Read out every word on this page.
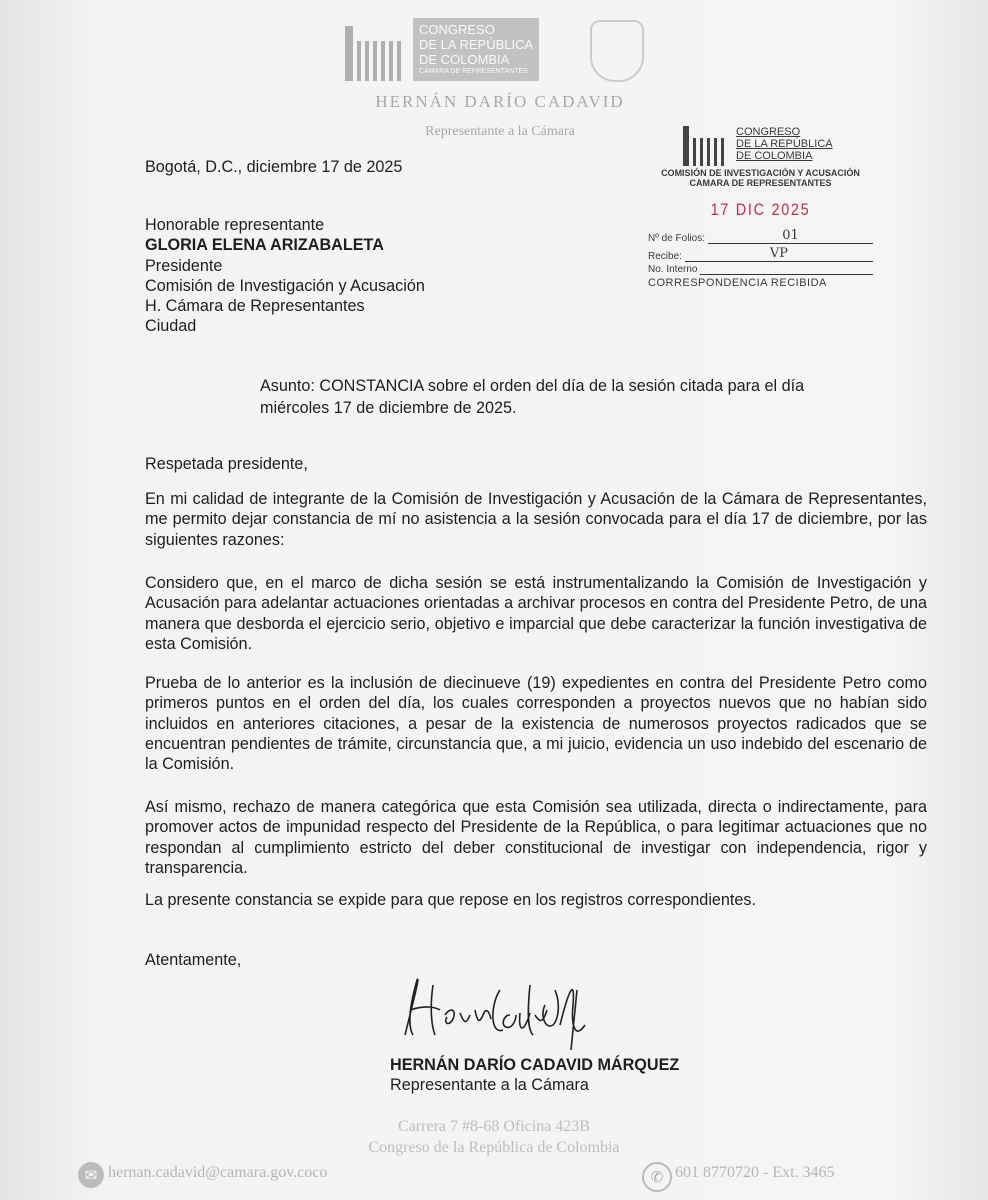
CONGRESO
DE LA REPÚBLICA
DE COLOMBIA
CÁMARA DE REPRESENTANTES
HERNÁN DARÍO CADAVID
Representante a la Cámara	CONGRESO
DE LA REPÚBLICA
DE COLOMBIA
COMISIÓN DE INVESTIGACIÓN Y ACUSACIÓN
CAMARA DE REPRESENTANTES
17 DIC 2025
Nº de Folios:	01
Recibe:	VP
No. Interno
CORRESPONDENCIA RECIBIDA
Bogotá, D.C., diciembre 17 de 2025
Honorable representante
GLORIA ELENA ARIZABALETA
Presidente
Comisión de Investigación y Acusación
H. Cámara de Representantes
Ciudad
Asunto: CONSTANCIA sobre el orden del día de la sesión citada para el día miércoles 17 de diciembre de 2025.
Respetada presidente,
En mi calidad de integrante de la Comisión de Investigación y Acusación de la Cámara de Representantes, me permito dejar constancia de mí no asistencia a la sesión convocada para el día 17 de diciembre, por las siguientes razones:
Considero que, en el marco de dicha sesión se está instrumentalizando la Comisión de Investigación y Acusación para adelantar actuaciones orientadas a archivar procesos en contra del Presidente Petro, de una manera que desborda el ejercicio serio, objetivo e imparcial que debe caracterizar la función investigativa de esta Comisión.
Prueba de lo anterior es la inclusión de diecinueve (19) expedientes en contra del Presidente Petro como primeros puntos en el orden del día, los cuales corresponden a proyectos nuevos que no habían sido incluidos en anteriores citaciones, a pesar de la existencia de numerosos proyectos radicados que se encuentran pendientes de trámite, circunstancia que, a mi juicio, evidencia un uso indebido del escenario de la Comisión.
Así mismo, rechazo de manera categórica que esta Comisión sea utilizada, directa o indirectamente, para promover actos de impunidad respecto del Presidente de la República, o para legitimar actuaciones que no respondan al cumplimiento estricto del deber constitucional de investigar con independencia, rigor y transparencia.
La presente constancia se expide para que repose en los registros correspondientes.
Atentamente,
HERNÁN DARÍO CADAVID MÁRQUEZ
Representante a la Cámara
Carrera 7 #8-68 Oficina 423B
Congreso de la República de Colombia
✉ hernan.cadavid@camara.gov.coco	✆ 601 8770720 - Ext. 3465
